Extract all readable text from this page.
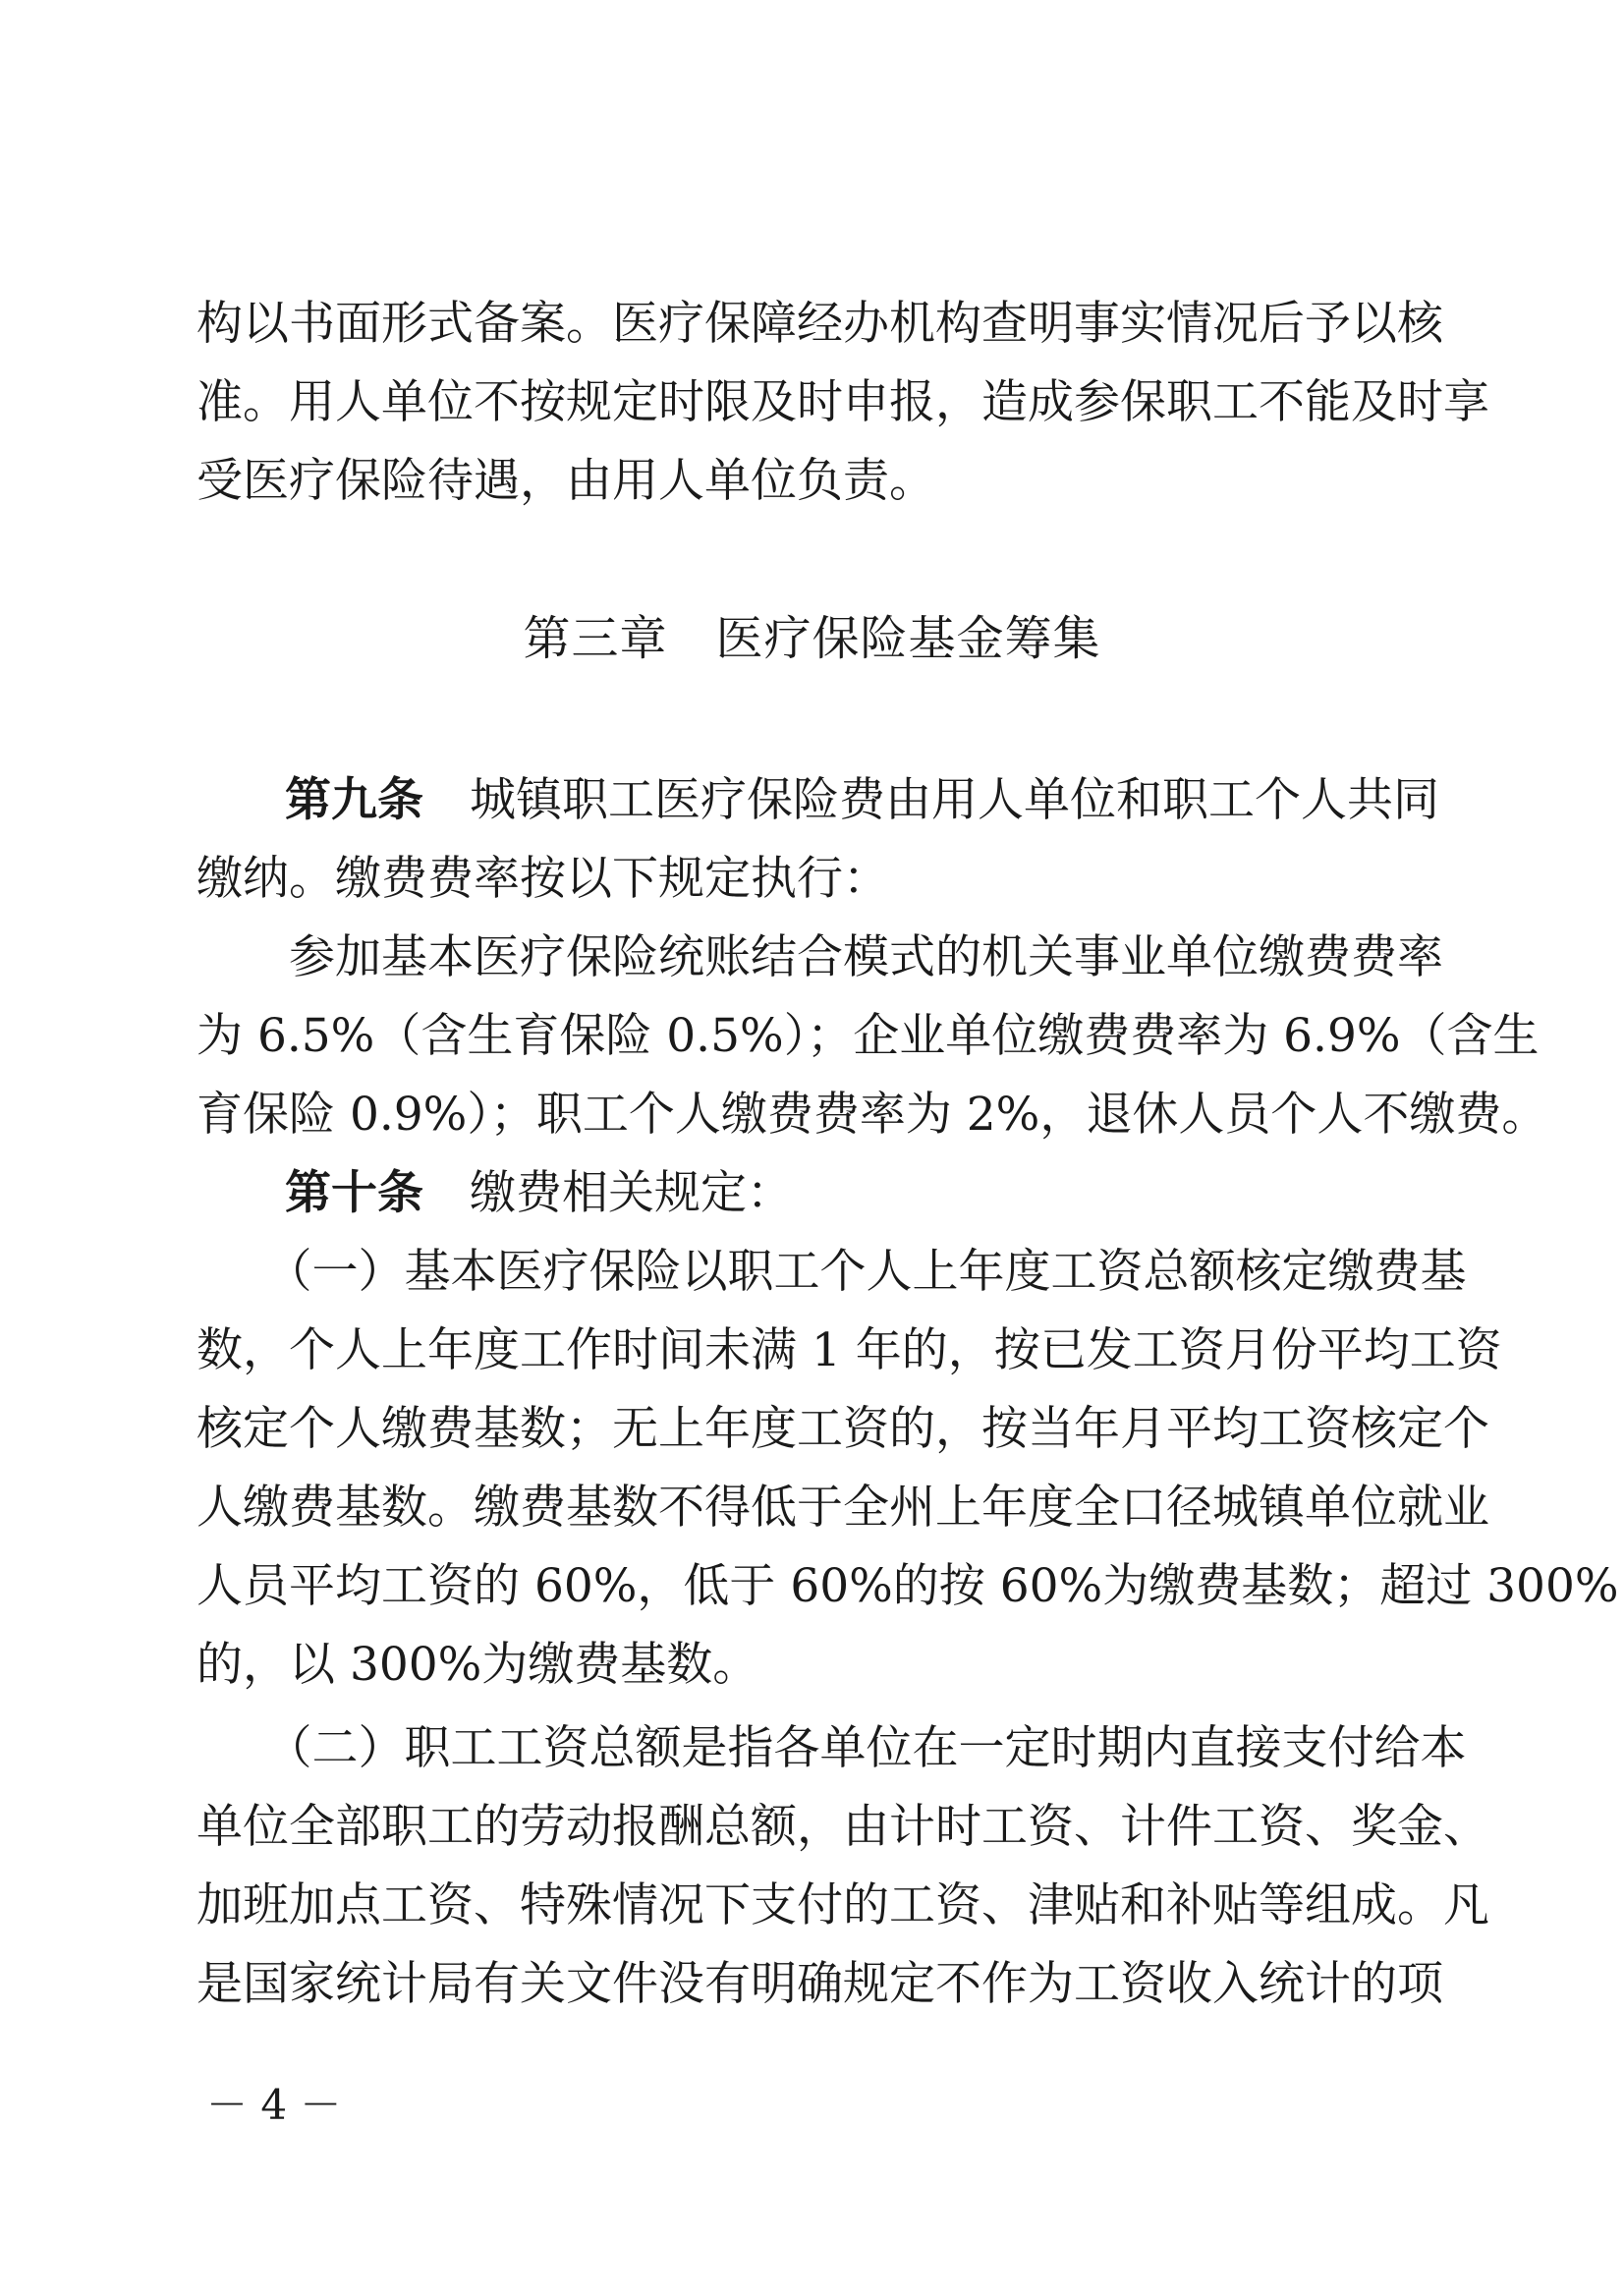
构以书面形式备案。医疗保障经办机构查明事实情况后予以核
准。用人单位不按规定时限及时申报，造成参保职工不能及时享
受医疗保险待遇，由用人单位负责。
第三章　医疗保险基金筹集
第九条　城镇职工医疗保险费由用人单位和职工个人共同
缴纳。缴费费率按以下规定执行：
　　参加基本医疗保险统账结合模式的机关事业单位缴费费率
为 6.5%（含生育保险 0.5%）；企业单位缴费费率为 6.9%（含生
育保险 0.9%）；职工个人缴费费率为 2%，退休人员个人不缴费。
第十条　缴费相关规定：
　　（一）基本医疗保险以职工个人上年度工资总额核定缴费基
数，个人上年度工作时间未满 1 年的，按已发工资月份平均工资
核定个人缴费基数；无上年度工资的，按当年月平均工资核定个
人缴费基数。缴费基数不得低于全州上年度全口径城镇单位就业
人员平均工资的 60%，低于 60%的按 60%为缴费基数；超过 300%
的，以 300%为缴费基数。
　　（二）职工工资总额是指各单位在一定时期内直接支付给本
单位全部职工的劳动报酬总额，由计时工资、计件工资、奖金、
加班加点工资、特殊情况下支付的工资、津贴和补贴等组成。凡
是国家统计局有关文件没有明确规定不作为工资收入统计的项
－ 4 －
